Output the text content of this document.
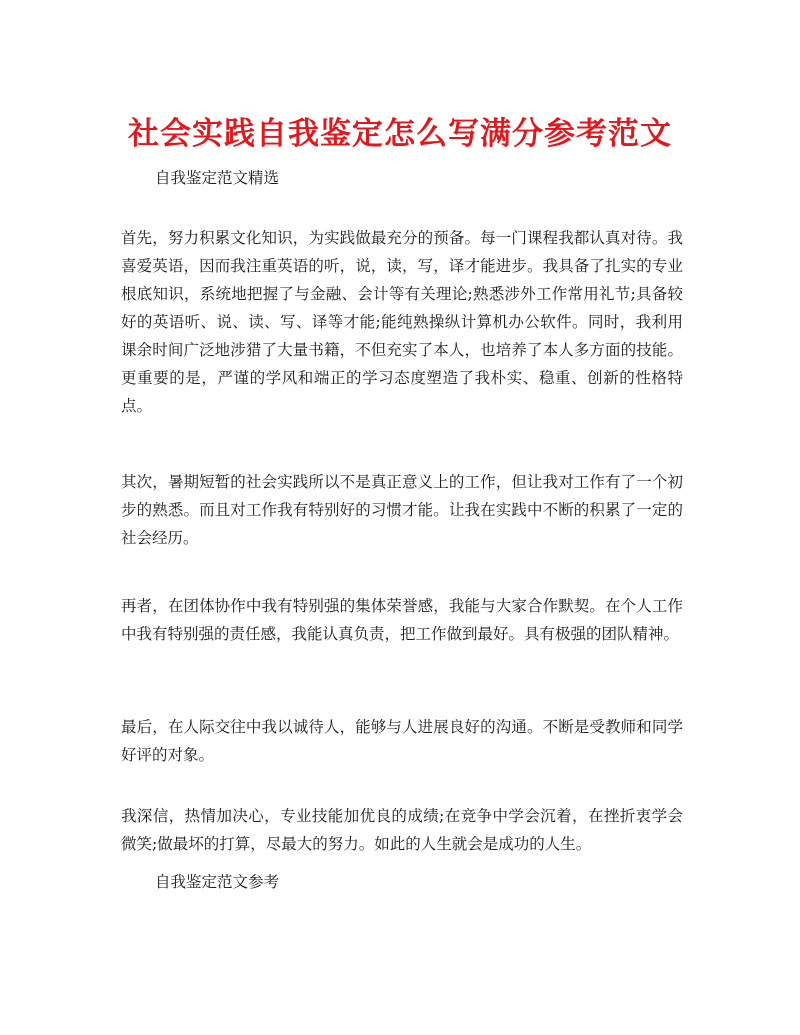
社会实践自我鉴定怎么写满分参考范文

自我鉴定范文精选

首先，努力积累文化知识，为实践做最充分的预备。每一门课程我都认真对待。我喜爱英语，因而我注重英语的听，说，读，写，译才能进步。我具备了扎实的专业根底知识，系统地把握了与金融、会计等有关理论;熟悉涉外工作常用礼节;具备较好的英语听、说、读、写、译等才能;能纯熟操纵计算机办公软件。同时，我利用课余时间广泛地涉猎了大量书籍，不但充实了本人，也培养了本人多方面的技能。更重要的是，严谨的学风和端正的学习态度塑造了我朴实、稳重、创新的性格特点。

其次，暑期短暂的社会实践所以不是真正意义上的工作，但让我对工作有了一个初步的熟悉。而且对工作我有特别好的习惯才能。让我在实践中不断的积累了一定的社会经历。

再者，在团体协作中我有特别强的集体荣誉感，我能与大家合作默契。在个人工作中我有特别强的责任感，我能认真负责，把工作做到最好。具有极强的团队精神。

最后，在人际交往中我以诚待人，能够与人进展良好的沟通。不断是受教师和同学好评的对象。

我深信，热情加决心，专业技能加优良的成绩;在竞争中学会沉着，在挫折衷学会微笑;做最坏的打算，尽最大的努力。如此的人生就会是成功的人生。

自我鉴定范文参考
